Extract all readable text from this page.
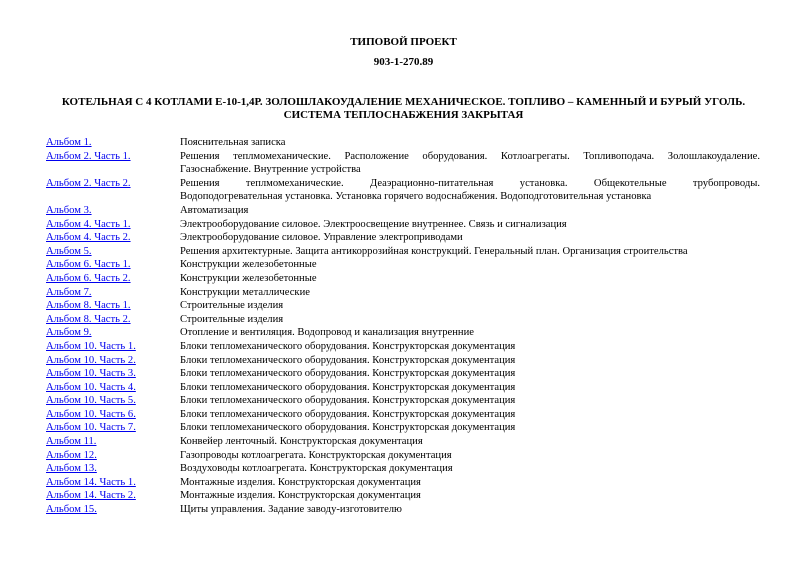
ТИПОВОЙ ПРОЕКТ
903-1-270.89
КОТЕЛЬНАЯ С 4 КОТЛАМИ Е-10-1,4Р. ЗОЛОШЛАКОУДАЛЕНИЕ МЕХАНИЧЕСКОЕ. ТОПЛИВО – КАМЕННЫЙ И БУРЫЙ УГОЛЬ.
СИСТЕМА ТЕПЛОСНАБЖЕНИЯ ЗАКРЫТАЯ
Альбом 1.	Пояснительная записка
Альбом 2. Часть 1.	Решения теплмомеханические. Расположение оборудования. Котлоагрегаты. Топливоподача. Золошлакоудаление.
Газоснабжение. Внутренние устройства
Альбом 2. Часть 2.	Решения теплмомеханические. Деаэрационно-питательная установка. Общекотельные трубопроводы.
Водоподогревательная установка. Установка горячего водоснабжения. Водоподготовительная установка
Альбом 3.	Автоматизация
Альбом 4. Часть 1.	Электрооборудование силовое. Электроосвещение внутреннее. Связь и сигнализация
Альбом 4. Часть 2.	Электрооборудование силовое. Управление электроприводами
Альбом 5.	Решения архитектурные. Защита антикоррозийная конструкций. Генеральный план. Организация строительства
Альбом 6. Часть 1.	Конструкции железобетонные
Альбом 6. Часть 2.	Конструкции железобетонные
Альбом 7.	Конструкции металлические
Альбом 8. Часть 1.	Строительные изделия
Альбом 8. Часть 2.	Строительные изделия
Альбом 9.	Отопление и вентиляция. Водопровод и канализация внутренние
Альбом 10. Часть 1.	Блоки тепломеханического оборудования. Конструкторская документация
Альбом 10. Часть 2.	Блоки тепломеханического оборудования. Конструкторская документация
Альбом 10. Часть 3.	Блоки тепломеханического оборудования. Конструкторская документация
Альбом 10. Часть 4.	Блоки тепломеханического оборудования. Конструкторская документация
Альбом 10. Часть 5.	Блоки тепломеханического оборудования. Конструкторская документация
Альбом 10. Часть 6.	Блоки тепломеханического оборудования. Конструкторская документация
Альбом 10. Часть 7.	Блоки тепломеханического оборудования. Конструкторская документация
Альбом 11.	Конвейер ленточный. Конструкторская документация
Альбом 12.	Газопроводы котлоагрегата. Конструкторская документация
Альбом 13.	Воздуховоды котлоагрегата. Конструкторская документация
Альбом 14. Часть 1.	Монтажные изделия. Конструкторская документация
Альбом 14. Часть 2.	Монтажные изделия. Конструкторская документация
Альбом 15.	Щиты управления. Задание заводу-изготовителю
